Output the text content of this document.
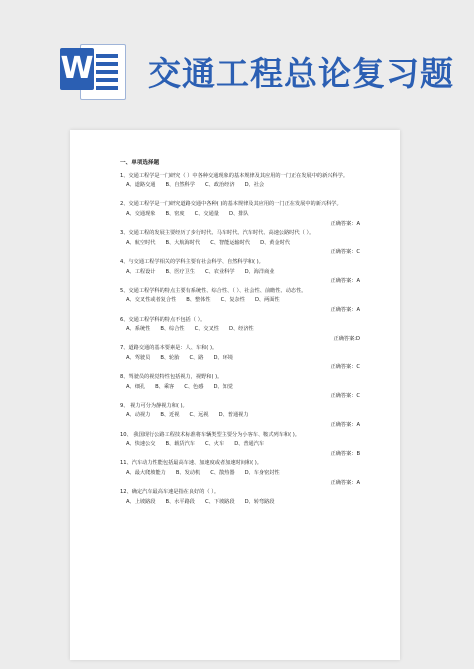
W 交通工程总论复习题
一、单项选择题
1、交通工程学是一门研究（ ）中各种交通现象的基本规律及其应用的一门正在发展中的新兴科学。
A、道路交通 B、自然科学 C、政治经济 D、社会
2、交通工程学是一门研究道路交通中各种( )的基本规律及其应用的一门正在发展中的新兴科学。
A、交通现象 B、密度 C、交通量 D、排队
正确答案：A
3、交通工程的发展主要经历了步行时代、马车时代、汽车时代、高速公路时代（ ）。
A、航空时代 B、大航海时代 C、智能运输时代 D、黄金时代
正确答案：C
4、与交通工程学相关的学科主要有社会科学、自然科学和( )。
A、工程设计 B、医疗卫生 C、农业科学 D、海洋商业
正确答案：A
5、交通工程学科的特点主要有系统性、综合性、（ ）、社会性、前瞻性、动态性。
A、交叉性或者复合性 B、整体性 C、复杂性 D、两面性
正确答案：A
6、交通工程学科的特点不包括（ ）。
A、系统性 B、综合性 C、交叉性 D、经济性
正确答案:D
7、道路交通的基本要素是：人、车和( )。
A、驾驶员 B、轮胎 C、路 D、环境
正确答案：C
8、驾驶员的视觉特性包括视力，视野和( )。
A、细孔 B、乘客 C、色感 D、知觉
正确答案：C
9、 视力可分为静视力和( )。
A、动视力 B、近视 C、远视 D、普通视力
正确答案：A
10、 我国现行公路工程技术标准将车辆类型主要分为小客车、鞍式列车和( )。
A、快速公交 B、载货汽车 C、火车 D、普通汽车
正确答案：B
11、汽车动力性能包括最高车速、加速度或者加速时间和( )。
A、最大爬坡能力 B、发动机 C、散热器 D、车身密封性
正确答案：A
12、确定汽车最高车速是指在良好的（ ）。
A、上坡路段 B、水平路段 C、下坡路段 D、转弯路段
